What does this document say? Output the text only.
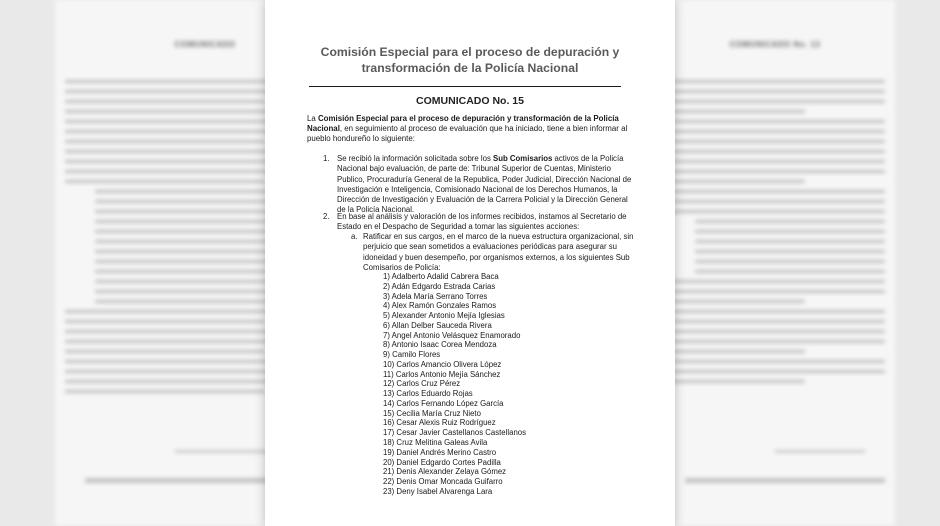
COMUNICADO	COMUNICADO No. 13
Comisión Especial para el proceso de depuración y
transformación de la Policía Nacional
COMUNICADO No. 15

La Comisión Especial para el proceso de depuración y transformación de la Policía Nacional, en seguimiento al proceso de evaluación que ha iniciado, tiene a bien informar al pueblo hondureño lo siguiente:

1. Se recibió la información solicitada sobre los Sub Comisarios activos de la Policía Nacional bajo evaluación, de parte de: Tribunal Superior de Cuentas, Ministerio Publico, Procuraduría General de la Republica, Poder Judicial, Dirección Nacional de Investigación e Inteligencia, Comisionado Nacional de los Derechos Humanos, la Dirección de Investigación y Evaluación de la Carrera Policial y la Dirección General de la Policía Nacional.
2. En base al análisis y valoración de los informes recibidos, instamos al Secretario de Estado en el Despacho de Seguridad a tomar las siguientes acciones:
a. Ratificar en sus cargos, en el marco de la nueva estructura organizacional, sin perjuicio que sean sometidos a evaluaciones periódicas para asegurar su idoneidad y buen desempeño, por organismos externos, a los siguientes Sub Comisarios de Policía:
1) Adalberto Adalid Cabrera Baca
2) Adán Edgardo Estrada Carias
3) Adela María Serrano Torres
4) Alex Ramón Gonzales Ramos
5) Alexander Antonio Mejía Iglesias
6) Allan Delber Sauceda Rivera
7) Angel Antonio Velásquez Enamorado
8) Antonio Isaac Corea Mendoza
9) Camilo Flores
10) Carlos Amancio Olivera López
11) Carlos Antonio Mejía Sánchez
12) Carlos Cruz Pérez
13) Carlos Eduardo Rojas
14) Carlos Fernando López García
15) Cecilia María Cruz Nieto
16) Cesar Alexis Ruiz Rodríguez
17) Cesar Javier Castellanos Castellanos
18) Cruz Melitina Galeas Avila
19) Daniel Andrés Merino Castro
20) Daniel Edgardo Cortes Padilla
21) Denis Alexander Zelaya Gómez
22) Denis Omar Moncada Guifarro
23) Deny Isabel Alvarenga Lara
